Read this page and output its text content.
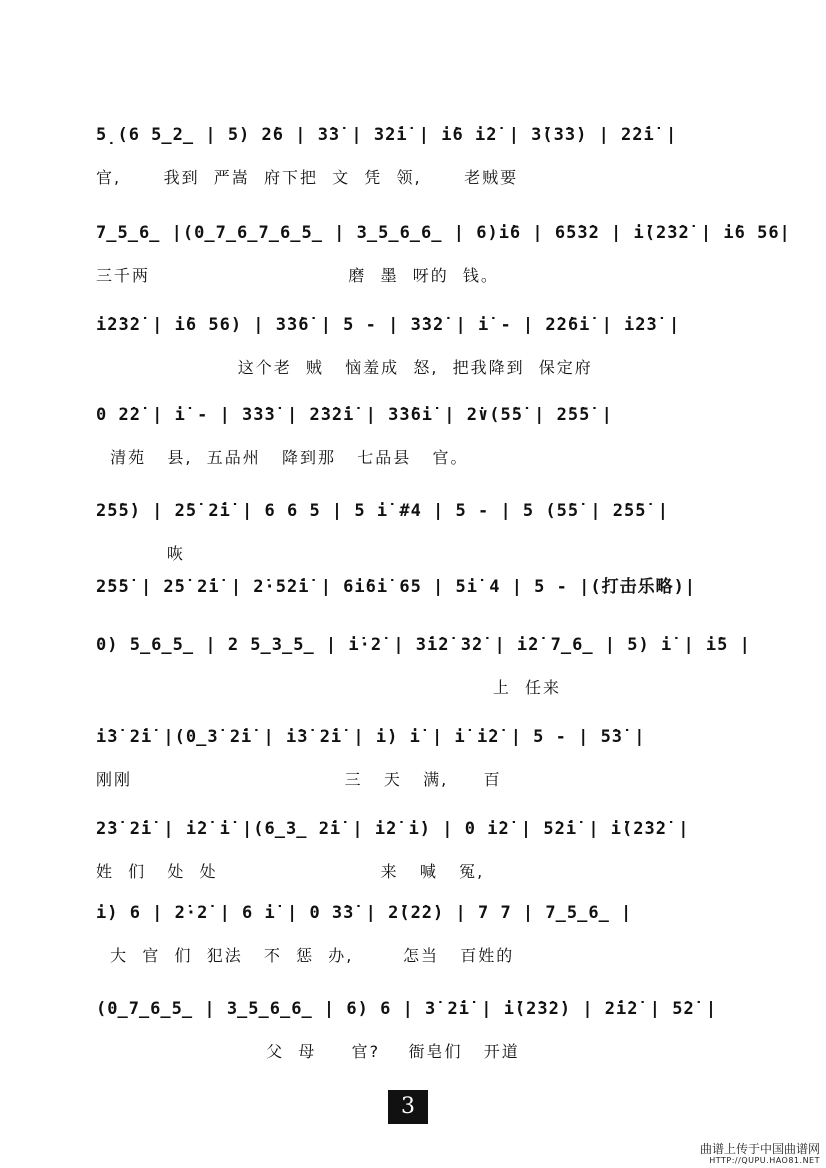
5̣(6 5̲2̲ | 5) 2̇6 | 3̇3̇ | 3̇2̇i̇ | i̇6 i̇2̇ | 3̇(3̇3̇) | 2̇2̇i̇ |
官,      我到  严嵩  府下把  文  凭  领,      老贼要
7̲5̲6̲ |(0̲7̲6̲7̲6̲5̲ | 3̲5̲6̲6̲ | 6)i̇6 | 6̇5̇3̇2 | i̇(2̇3̇2̇ | i̇6 56|
三千两                            磨  墨  呀的  钱。
i̇2̇3̇2̇ | i̇6 56) | 3̇3̇6̇ | 5 - | 3̇3̇2̇ | i̇ - | 2̇2̇6i̇ | i̇2̇3̇ |
这个老  贼   恼羞成  怒,  把我降到  保定府
0 2̇2̇ | i̇ - | 3̇3̇3̇ | 2̇3̇2̇i̇ | 3̇3̇6i̇ | 2̇∨(5̇5̇ | 2̇5̇5̇ |
清苑   县,  五品州   降到那   七品县   官。
2̇5̇5̇) | 2̇5̇ 2̇i̇ | 6 6 5 | 5 i̇ #4 | 5 - | 5 (5̇5̇ | 2̇5̇5̇ |
咴
2̇5̇5̇ | 2̇5̇ 2̇i̇ | 2̇·5̇2̇i̇ | 6i̇6i̇ 65 | 5i̇ 4 | 5 - |(打击乐略)|
0) 5̲6̲5̲ | 2 5̲3̲5̲ | i̇·2̇ | 3̇i̇2̇ 3̇2̇ | i̇2̇ 7̲6̲ | 5) i̇ | i̇5 |
上  任来
i̇3̇ 2̇i̇ |(0̲3̇ 2̇i̇ | i̇3̇ 2̇i̇ | i̇) i̇ | i̇ i̇2̇ | 5 - | 5̇3̇ |
刚刚                              三   天   满,     百
2̇3̇ 2̇i̇ | i̇2̇ i̇ |(6̲3̲ 2̇i̇ | i̇2̇ i̇) | 0 i̇2̇ | 5̇2̇i̇ | i̇(2̇3̇2̇ |
姓  们   处  处                       来   喊   冤,
i̇) 6 | 2̇·2̇ | 6 i̇ | 0 3̇3̇ | 2̇(2̇2̇) | 7 7 | 7̲5̲6̲ |
大  官  们  犯法   不  惩  办,       怎当   百姓的
(0̲7̲6̲5̲ | 3̲5̲6̲6̲ | 6) 6 | 3̇ 2̇i̇ | i̇(2̇3̇2̇) | 2̇i̇2̇ | 5̇2̇ |
父  母     官?    衙皂们   开道
3
曲谱上传于中国曲谱网
HTTP://QUPU.HAO81.NET
